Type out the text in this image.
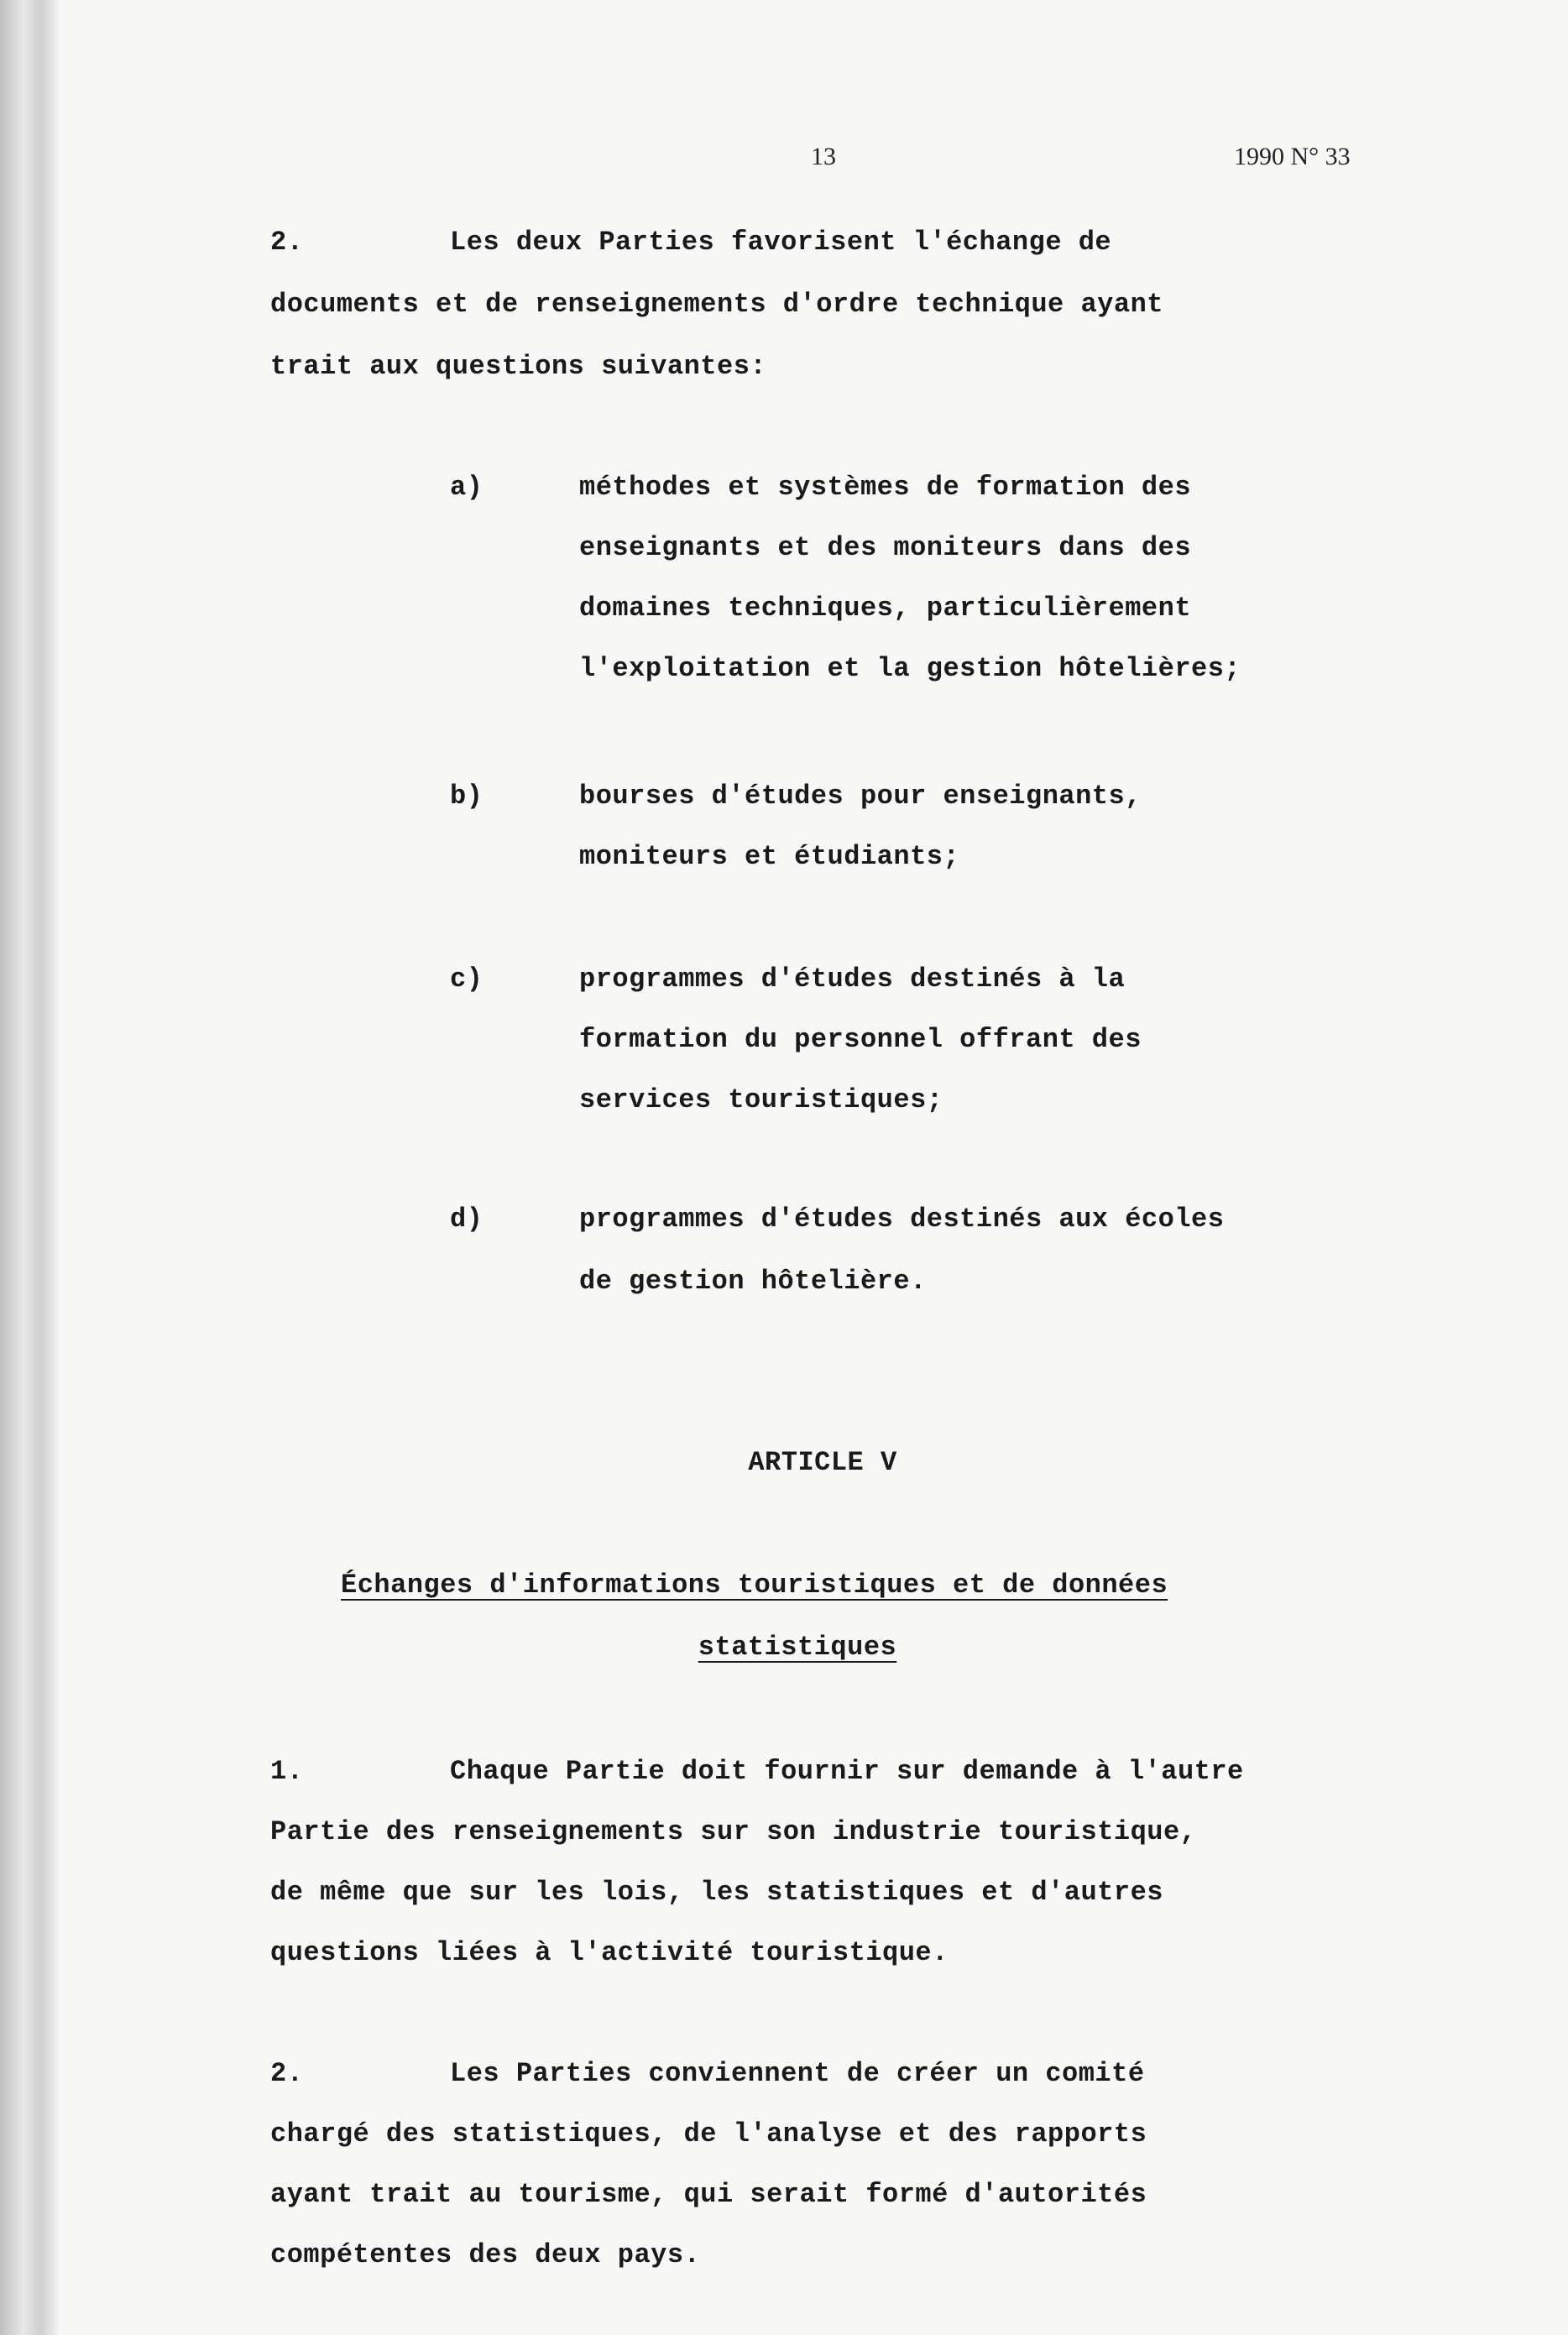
13	1990 N° 33
2.	Les deux Parties favorisent l'échange de
documents et de renseignements d'ordre technique ayant
trait aux questions suivantes:
a)	méthodes et systèmes de formation des
enseignants et des moniteurs dans des
domaines techniques, particulièrement
l'exploitation et la gestion hôtelières;
b)	bourses d'études pour enseignants,
moniteurs et étudiants;
c)	programmes d'études destinés à la
formation du personnel offrant des
services touristiques;
d)	programmes d'études destinés aux écoles
de gestion hôtelière.
ARTICLE V
Échanges d'informations touristiques et de données
statistiques
1.	Chaque Partie doit fournir sur demande à l'autre
Partie des renseignements sur son industrie touristique,
de même que sur les lois, les statistiques et d'autres
questions liées à l'activité touristique.
2.	Les Parties conviennent de créer un comité
chargé des statistiques, de l'analyse et des rapports
ayant trait au tourisme, qui serait formé d'autorités
compétentes des deux pays.
